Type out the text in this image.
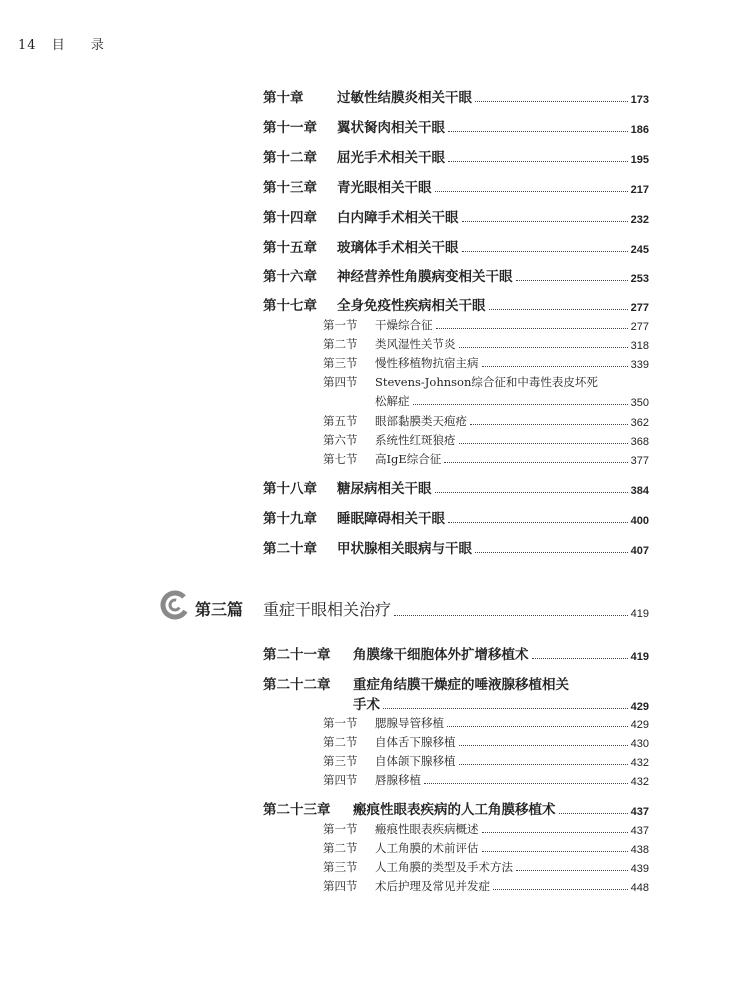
14 目 录
第十章	过敏性结膜炎相关干眼	173
第十一章	翼状胬肉相关干眼	186
第十二章	屈光手术相关干眼	195
第十三章	青光眼相关干眼	217
第十四章	白内障手术相关干眼	232
第十五章	玻璃体手术相关干眼	245
第十六章	神经营养性角膜病变相关干眼	253
第十七章	全身免疫性疾病相关干眼	277
第一节	干燥综合征	277
第二节	类风湿性关节炎	318
第三节	慢性移植物抗宿主病	339
第四节	Stevens-Johnson综合征和中毒性表皮坏死
松解症	350
第五节	眼部黏膜类天疱疮	362
第六节	系统性红斑狼疮	368
第七节	高IgE综合征	377
第十八章	糖尿病相关干眼	384
第十九章	睡眠障碍相关干眼	400
第二十章	甲状腺相关眼病与干眼	407
第三篇	重症干眼相关治疗	419
第二十一章	角膜缘干细胞体外扩增移植术	419
第二十二章	重症角结膜干燥症的唾液腺移植相关
手术	429
第一节	腮腺导管移植	429
第二节	自体舌下腺移植	430
第三节	自体颌下腺移植	432
第四节	唇腺移植	432
第二十三章	瘢痕性眼表疾病的人工角膜移植术	437
第一节	瘢痕性眼表疾病概述	437
第二节	人工角膜的术前评估	438
第三节	人工角膜的类型及手术方法	439
第四节	术后护理及常见并发症	448
